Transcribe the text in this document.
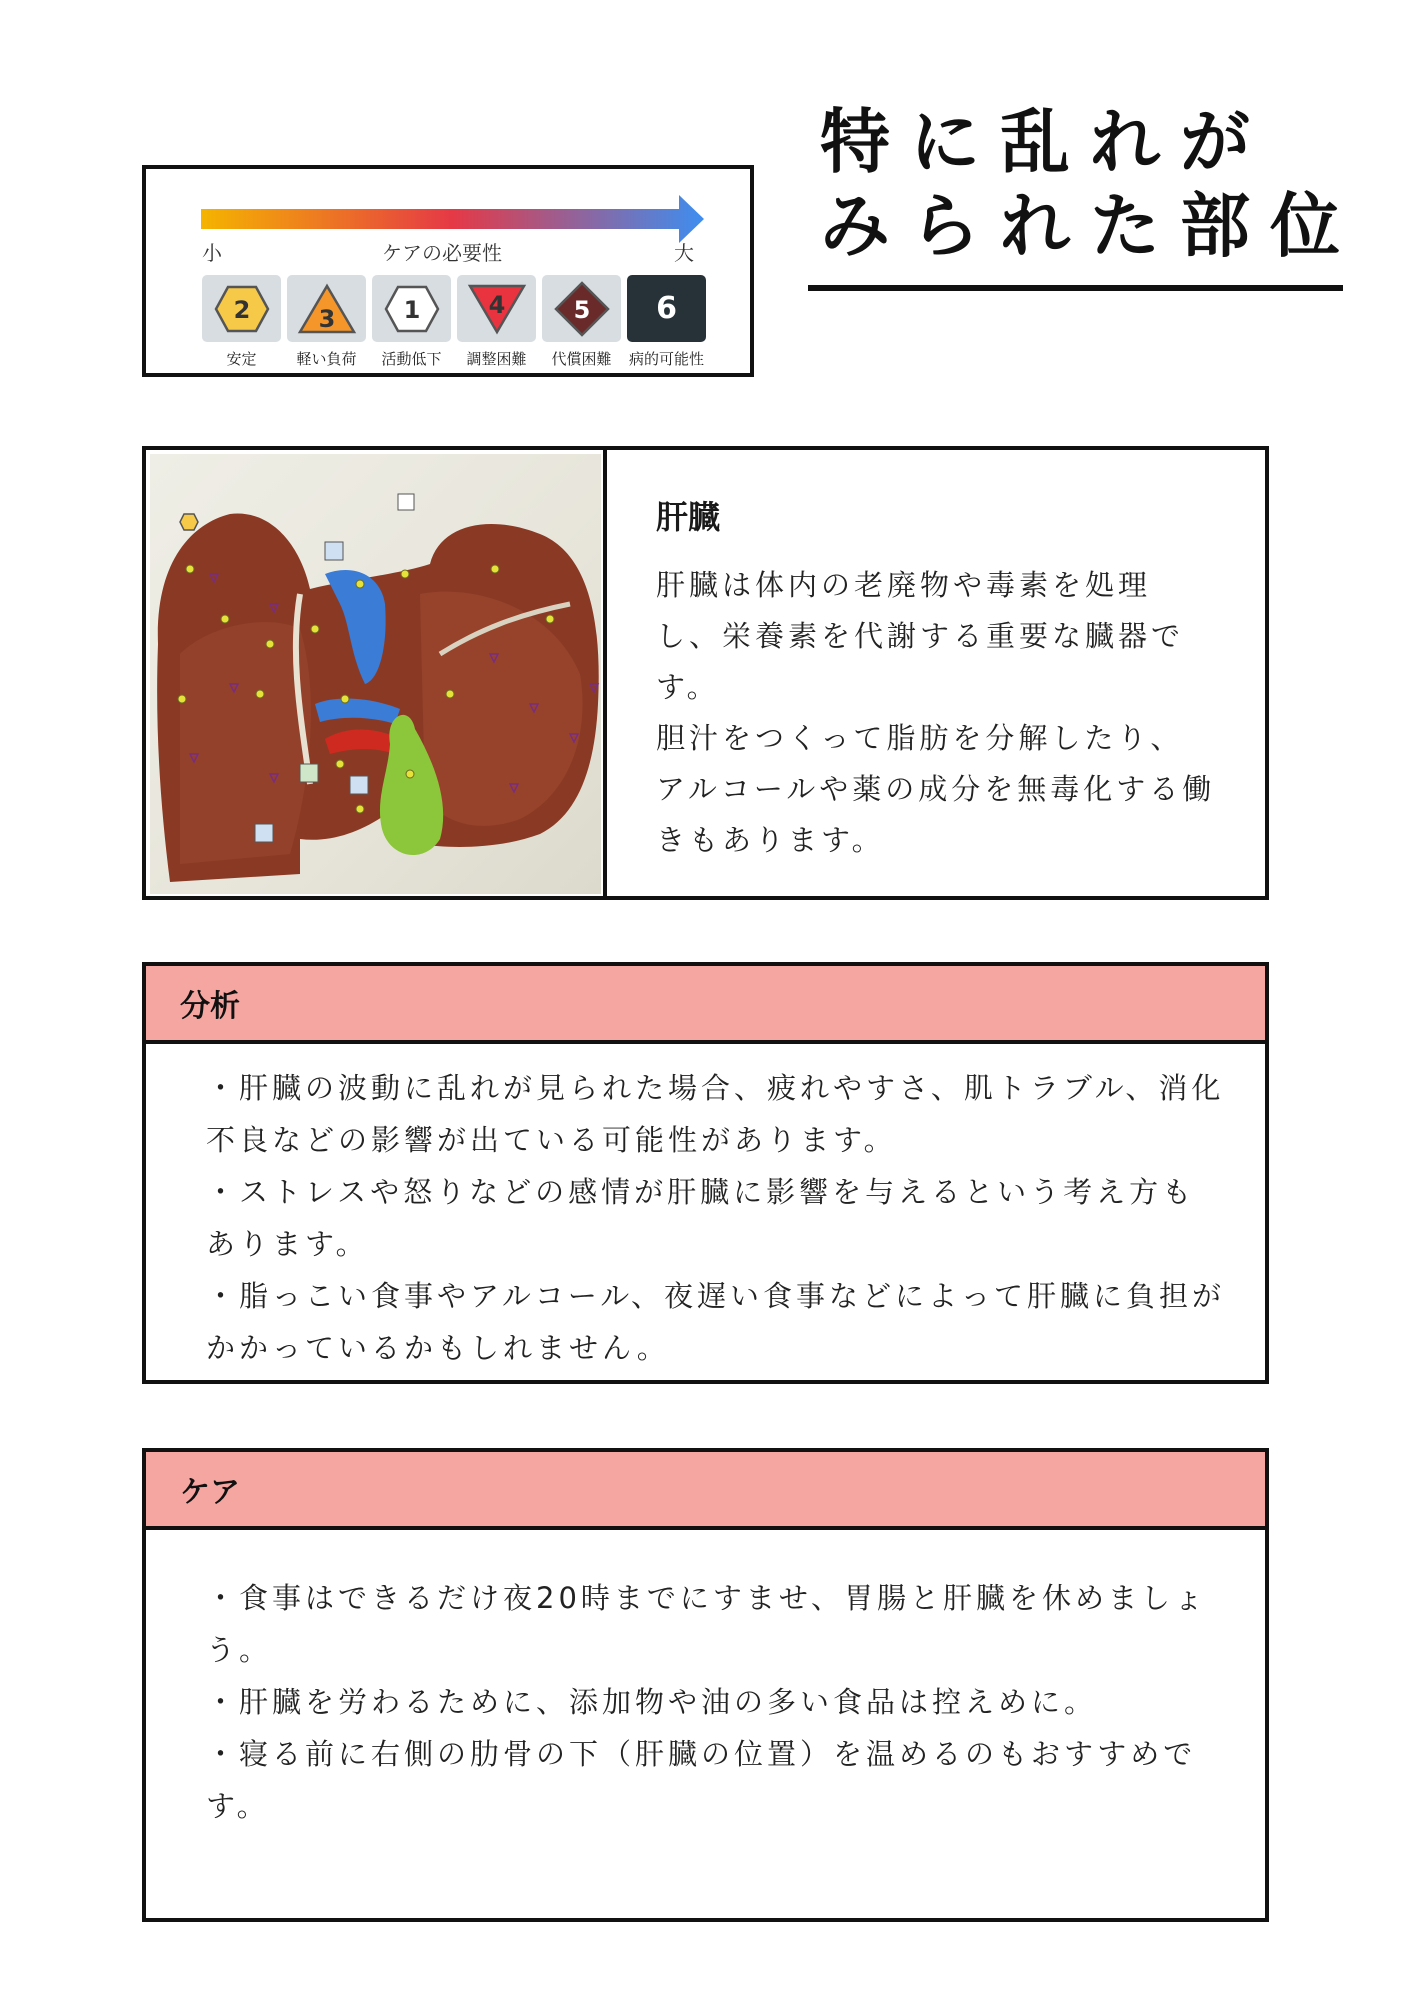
小	ケアの必要性	大
2
安定
3
軽い負荷
1
活動低下
4
調整困難
5
代償困難
6
病的可能性
特に乱れが
みられた部位
肝臓

肝臓は体内の老廃物や毒素を処理し、栄養素を代謝する重要な臓器です。

胆汁をつくって脂肪を分解したり、アルコールや薬の成分を無毒化する働きもあります。

分析

・肝臓の波動に乱れが見られた場合、疲れやすさ、肌トラブル、消化不良などの影響が出ている可能性があります。

・ストレスや怒りなどの感情が肝臓に影響を与えるという考え方もあります。

・脂っこい食事やアルコール、夜遅い食事などによって肝臓に負担がかかっているかもしれません。

ケア

・食事はできるだけ夜20時までにすませ、胃腸と肝臓を休めましょう。

・肝臓を労わるために、添加物や油の多い食品は控えめに。

・寝る前に右側の肋骨の下（肝臓の位置）を温めるのもおすすめです。
